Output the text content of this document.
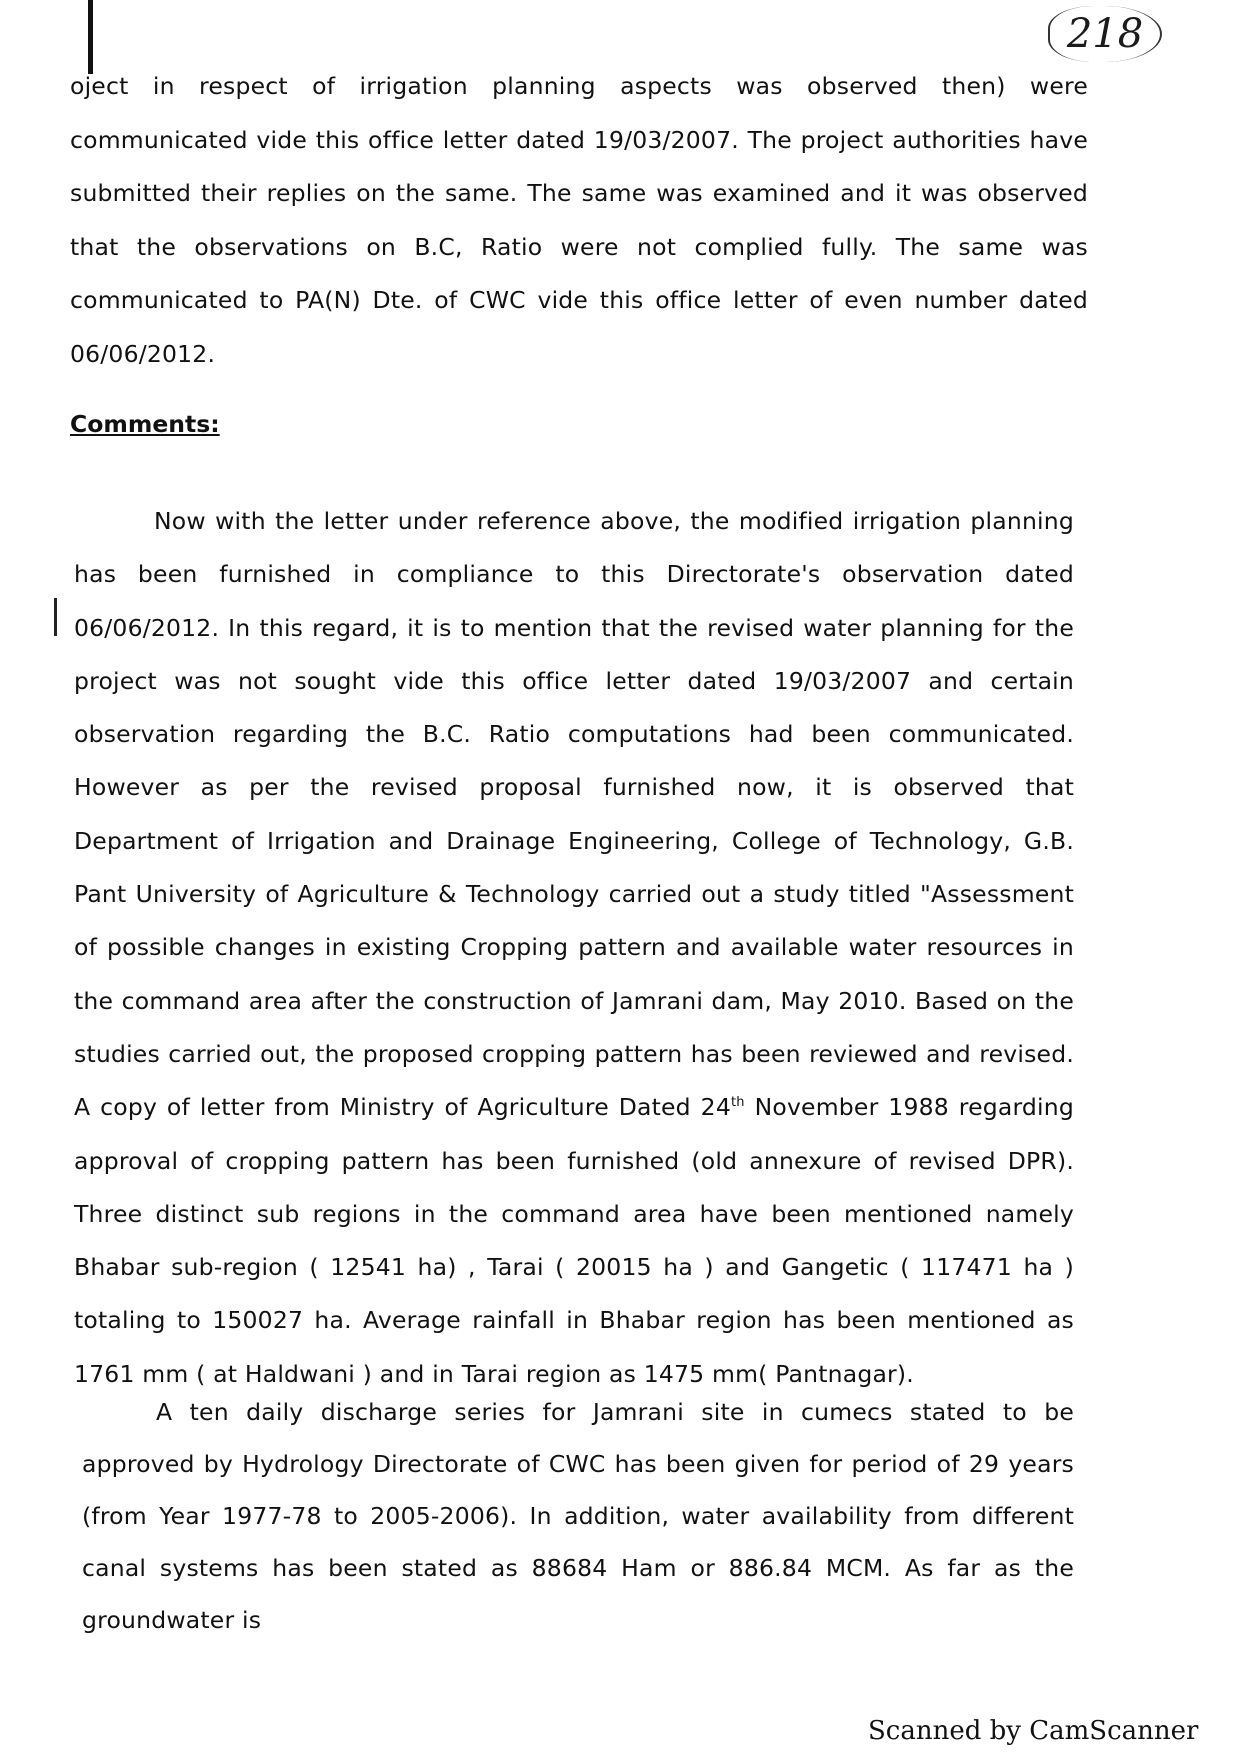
218

oject in respect of irrigation planning aspects was observed then) were communicated vide this office letter dated 19/03/2007. The project authorities have submitted their replies on the same. The same was examined and it was observed that the observations on B.C, Ratio were not complied fully. The same was communicated to PA(N) Dte. of CWC vide this office letter of even number dated 06/06/2012.

Comments:

Now with the letter under reference above, the modified irrigation planning has been furnished in compliance to this Directorate's observation dated 06/06/2012. In this regard, it is to mention that the revised water planning for the project was not sought vide this office letter dated 19/03/2007 and certain observation regarding the B.C. Ratio computations had been communicated. However as per the revised proposal furnished now, it is observed that Department of Irrigation and Drainage Engineering, College of Technology, G.B. Pant University of Agriculture & Technology carried out a study titled "Assessment of possible changes in existing Cropping pattern and available water resources in the command area after the construction of Jamrani dam, May 2010. Based on the studies carried out, the proposed cropping pattern has been reviewed and revised. A copy of letter from Ministry of Agriculture Dated 24th November 1988 regarding approval of cropping pattern has been furnished (old annexure of revised DPR). Three distinct sub regions in the command area have been mentioned namely Bhabar sub-region ( 12541 ha) , Tarai ( 20015 ha ) and Gangetic ( 117471 ha ) totaling to 150027 ha. Average rainfall in Bhabar region has been mentioned as 1761 mm ( at Haldwani ) and in Tarai region as 1475 mm( Pantnagar).

A ten daily discharge series for Jamrani site in cumecs stated to be approved by Hydrology Directorate of CWC has been given for period of 29 years (from Year 1977-78 to 2005-2006). In addition, water availability from different canal systems has been stated as 88684 Ham or 886.84 MCM. As far as the groundwater is

Scanned by CamScanner
